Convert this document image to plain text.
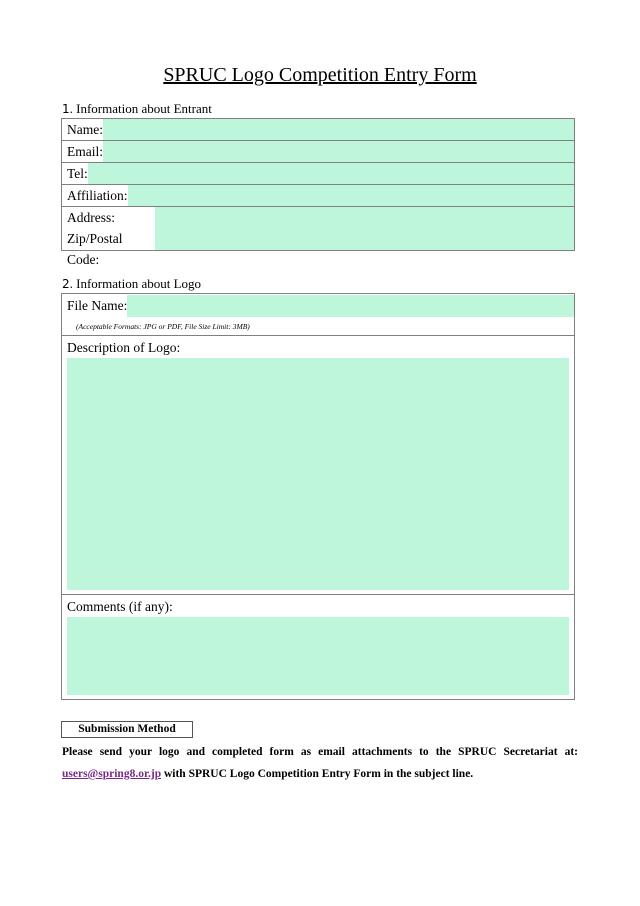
SPRUC Logo Competition Entry Form
1. Information about Entrant
Name:

Email:

Tel:

Affiliation:

Address:
Zip/Postal Code:
2. Information about Logo
File Name:
(Acceptable Formats: JPG or PDF, File Size Limit: 3MB)

Description of Logo:

Comments (if any):
Submission Method
Please send your logo and completed form as email attachments to the SPRUC Secretariat at:
users@spring8.or.jp with SPRUC Logo Competition Entry Form in the subject line.
